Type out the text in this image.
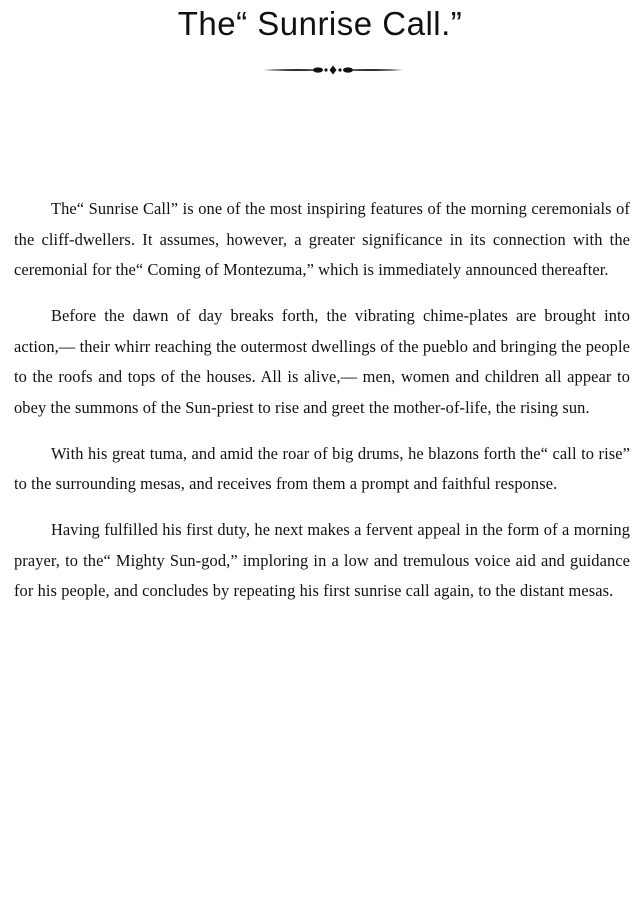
The“ Sunrise Call.”

The“ Sunrise Call” is one of the most inspiring features of the morning ceremonials of the cliff-dwellers. It assumes, however, a greater significance in its connection with the ceremonial for the“ Coming of Montezuma,” which is immediately announced thereafter.

Before the dawn of day breaks forth, the vibrating chime-plates are brought into action,— their whirr reaching the outermost dwellings of the pueblo and bringing the people to the roofs and tops of the houses. All is alive,— men, women and children all appear to obey the summons of the Sun-priest to rise and greet the mother-of-life, the rising sun.

With his great tuma, and amid the roar of big drums, he blazons forth the“ call to rise” to the surrounding mesas, and receives from them a prompt and faithful response.

Having fulfilled his first duty, he next makes a fervent appeal in the form of a morning prayer, to the“ Mighty Sun-god,” imploring in a low and tremulous voice aid and guidance for his people, and concludes by repeating his first sunrise call again, to the distant mesas.
